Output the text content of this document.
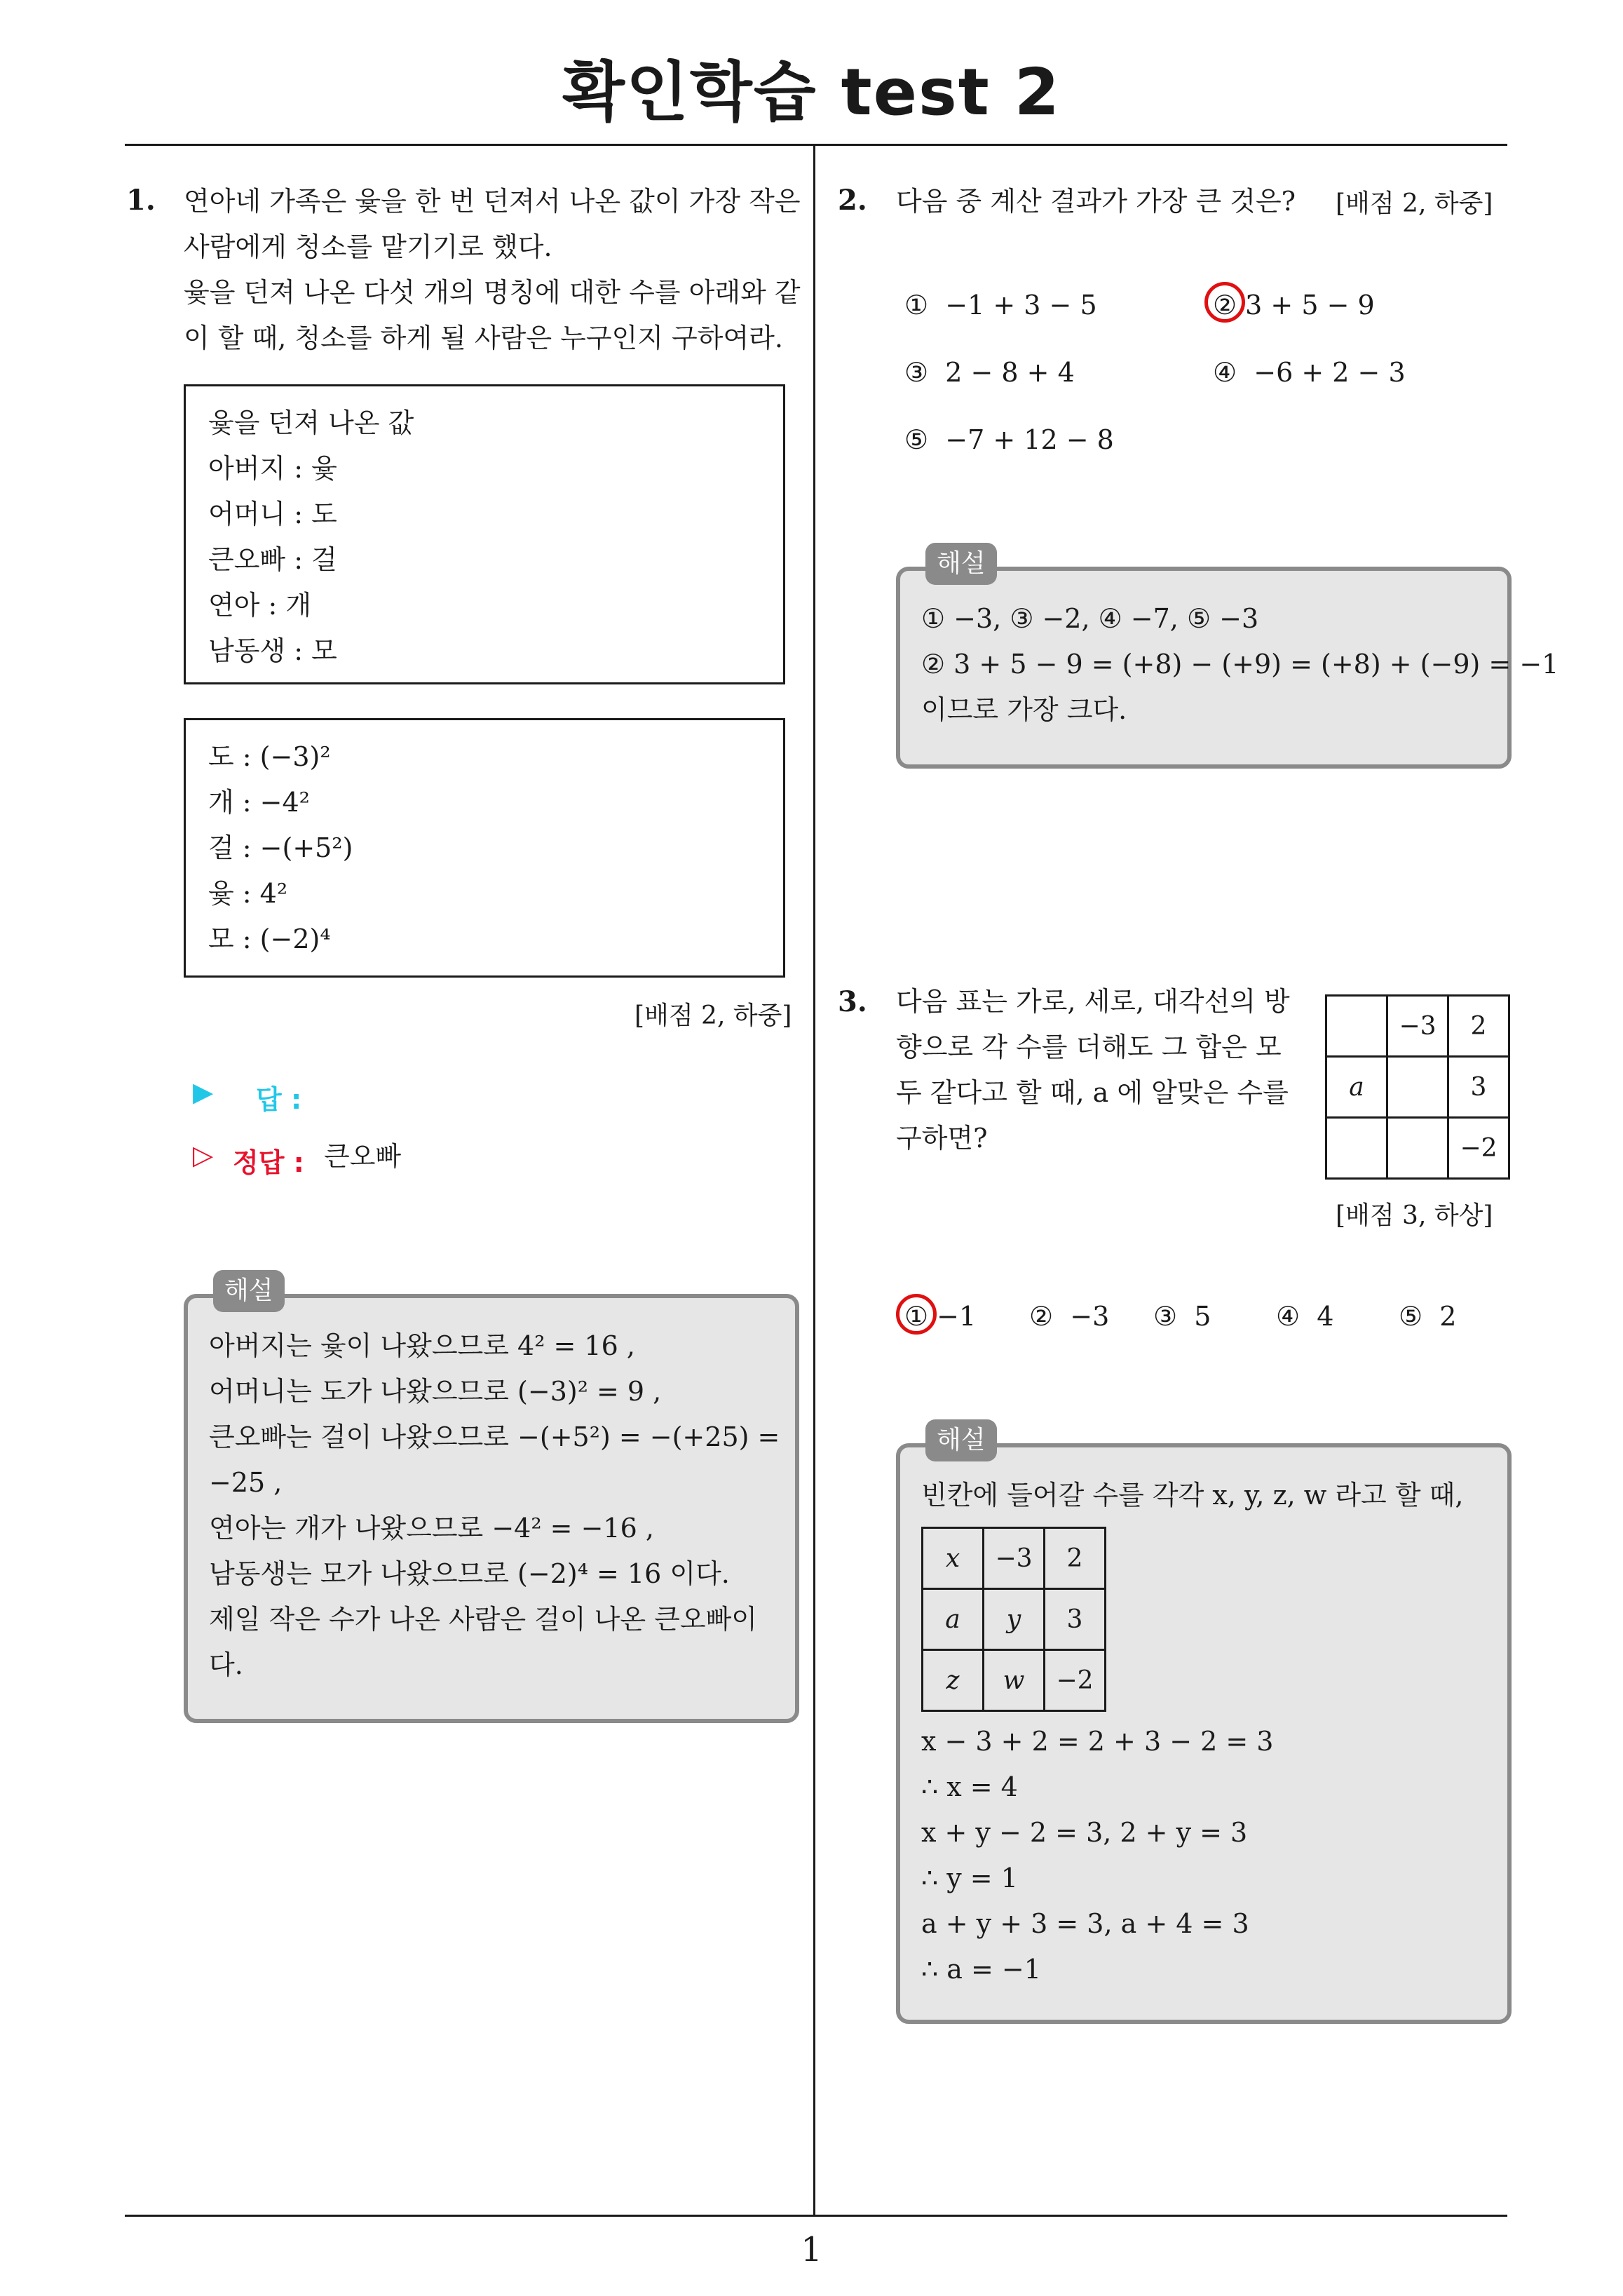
확인학습 test 2
1
1. 연아네 가족은 윷을 한 번 던져서 나온 값이 가장 작은
사람에게 청소를 맡기기로 했다.
윷을 던져 나온 다섯 개의 명칭에 대한 수를 아래와 같
이 할 때, 청소를 하게 될 사람은 누구인지 구하여라.
윷을 던져 나온 값
아버지 : 윷
어머니 : 도
큰오빠 : 걸
연아 : 개
남동생 : 모
도 : (−3)²
개 : −4²
걸 : −(+5²)
윷 : 4²
모 : (−2)⁴
[배점 2, 하중]
▶ 답 :
▷ 정답 : 큰오빠
해설
아버지는 윷이 나왔으므로 4² = 16 ,
어머니는 도가 나왔으므로 (−3)² = 9 ,
큰오빠는 걸이 나왔으므로 −(+5²) = −(+25) =
−25 ,
연아는 개가 나왔으므로 −4² = −16 ,
남동생는 모가 나왔으므로 (−2)⁴ = 16 이다.
제일 작은 수가 나온 사람은 걸이 나온 큰오빠이
다.
2. 다음 중 계산 결과가 가장 큰 것은? [배점 2, 하중]
① −1 + 3 − 5	② 3 + 5 − 9
③ 2 − 8 + 4	④ −6 + 2 − 3
⑤ −7 + 12 − 8
해설
① −3, ③ −2, ④ −7, ⑤ −3
② 3 + 5 − 9 = (+8) − (+9) = (+8) + (−9) = −1
이므로 가장 크다.
3. 다음 표는 가로, 세로, 대각선의 방
향으로 각 수를 더해도 그 합은 모
두 같다고 할 때, a 에 알맞은 수를
구하면?
	−3	2
a		3
		−2
[배점 3, 하상]
① −1 ② −3 ③ 5 ④ 4 ⑤ 2
해설
빈칸에 들어갈 수를 각각 x, y, z, w 라고 할 때,
x	−3	2
a	y	3
z	w	−2
x − 3 + 2 = 2 + 3 − 2 = 3
∴ x = 4
x + y − 2 = 3, 2 + y = 3
∴ y = 1
a + y + 3 = 3, a + 4 = 3
∴ a = −1
